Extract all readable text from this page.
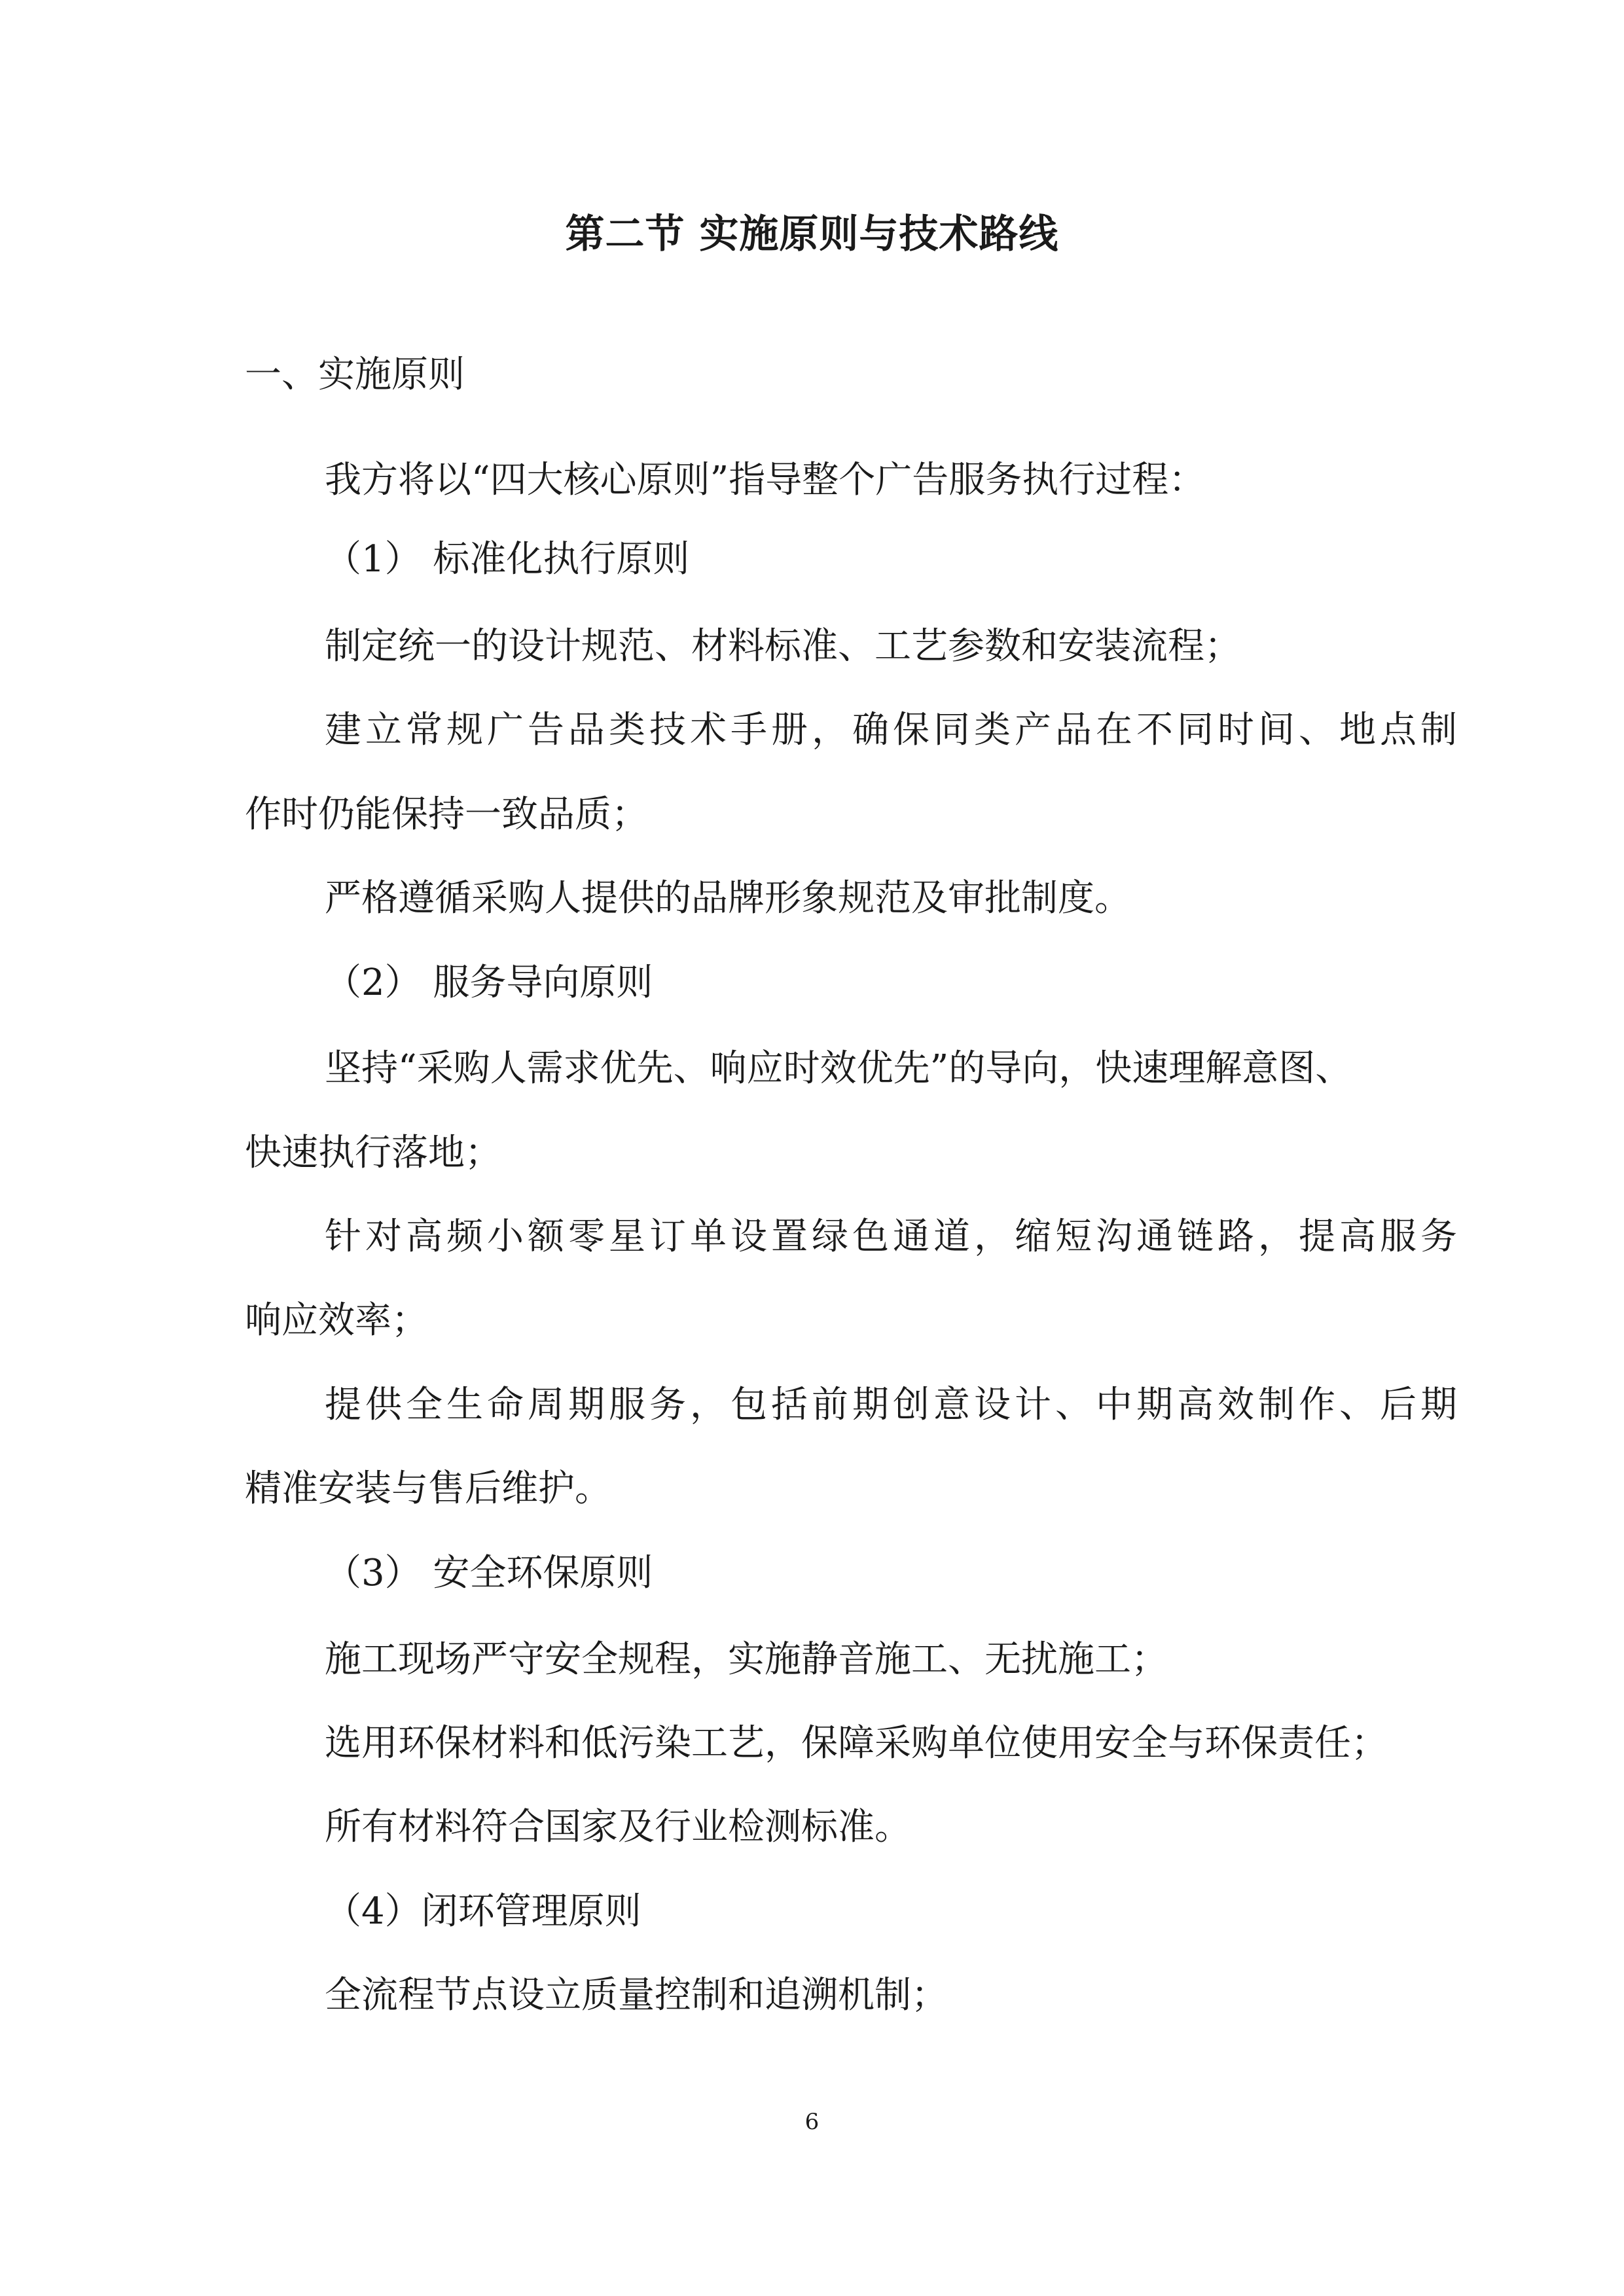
第二节 实施原则与技术路线
一、实施原则
我方将以“四大核心原则”指导整个广告服务执行过程：
（1） 标准化执行原则
制定统一的设计规范、材料标准、工艺参数和安装流程；
建立常规广告品类技术手册，确保同类产品在不同时间、地点制
作时仍能保持一致品质；
严格遵循采购人提供的品牌形象规范及审批制度。
（2） 服务导向原则
坚持“采购人需求优先、响应时效优先”的导向，快速理解意图、
快速执行落地；
针对高频小额零星订单设置绿色通道，缩短沟通链路，提高服务
响应效率；
提供全生命周期服务，包括前期创意设计、中期高效制作、后期
精准安装与售后维护。
（3） 安全环保原则
施工现场严守安全规程，实施静音施工、无扰施工；
选用环保材料和低污染工艺，保障采购单位使用安全与环保责任；
所有材料符合国家及行业检测标准。
（4）闭环管理原则
全流程节点设立质量控制和追溯机制；
6
